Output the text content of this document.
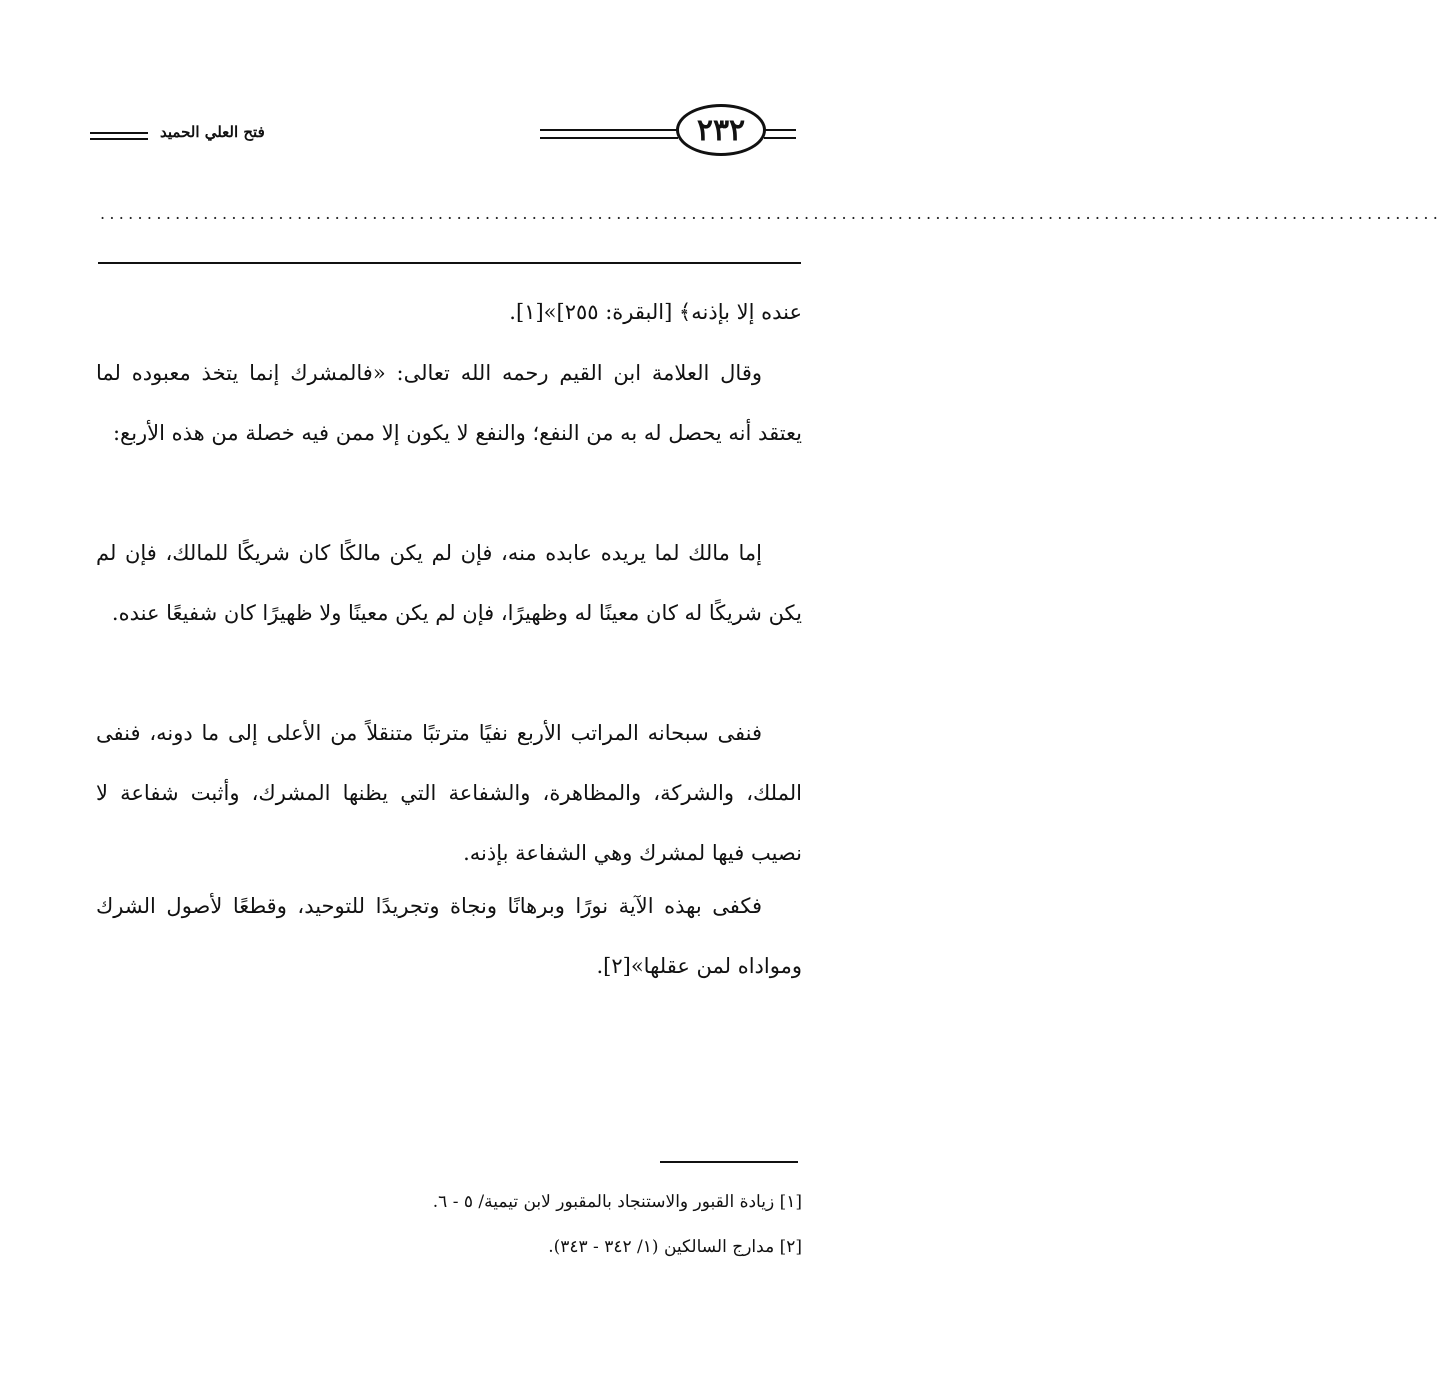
فتح العلي الحميد	٢٣٢
...............................................................................................................................................
عنده إلا بإذنه﴾ [البقرة: ٢٥٥]»[١].
وقال العلامة ابن القيم رحمه الله تعالى: «فالمشرك إنما يتخذ معبوده لما يعتقد أنه يحصل له به من النفع؛ والنفع لا يكون إلا ممن فيه خصلة من هذه الأربع:
إما مالك لما يريده عابده منه، فإن لم يكن مالكًا كان شريكًا للمالك، فإن لم يكن شريكًا له كان معينًا له وظهيرًا، فإن لم يكن معينًا ولا ظهيرًا كان شفيعًا عنده.
فنفى سبحانه المراتب الأربع نفيًا مترتبًا متنقلاً من الأعلى إلى ما دونه، فنفى الملك، والشركة، والمظاهرة، والشفاعة التي يظنها المشرك، وأثبت شفاعة لا نصيب فيها لمشرك وهي الشفاعة بإذنه.
فكفى بهذه الآية نورًا وبرهانًا ونجاة وتجريدًا للتوحيد، وقطعًا لأصول الشرك ومواداه لمن عقلها»[٢].
[١] زيادة القبور والاستنجاد بالمقبور لابن تيمية/ ٥ - ٦.
[٢] مدارج السالكين (١/ ٣٤٢ - ٣٤٣).
